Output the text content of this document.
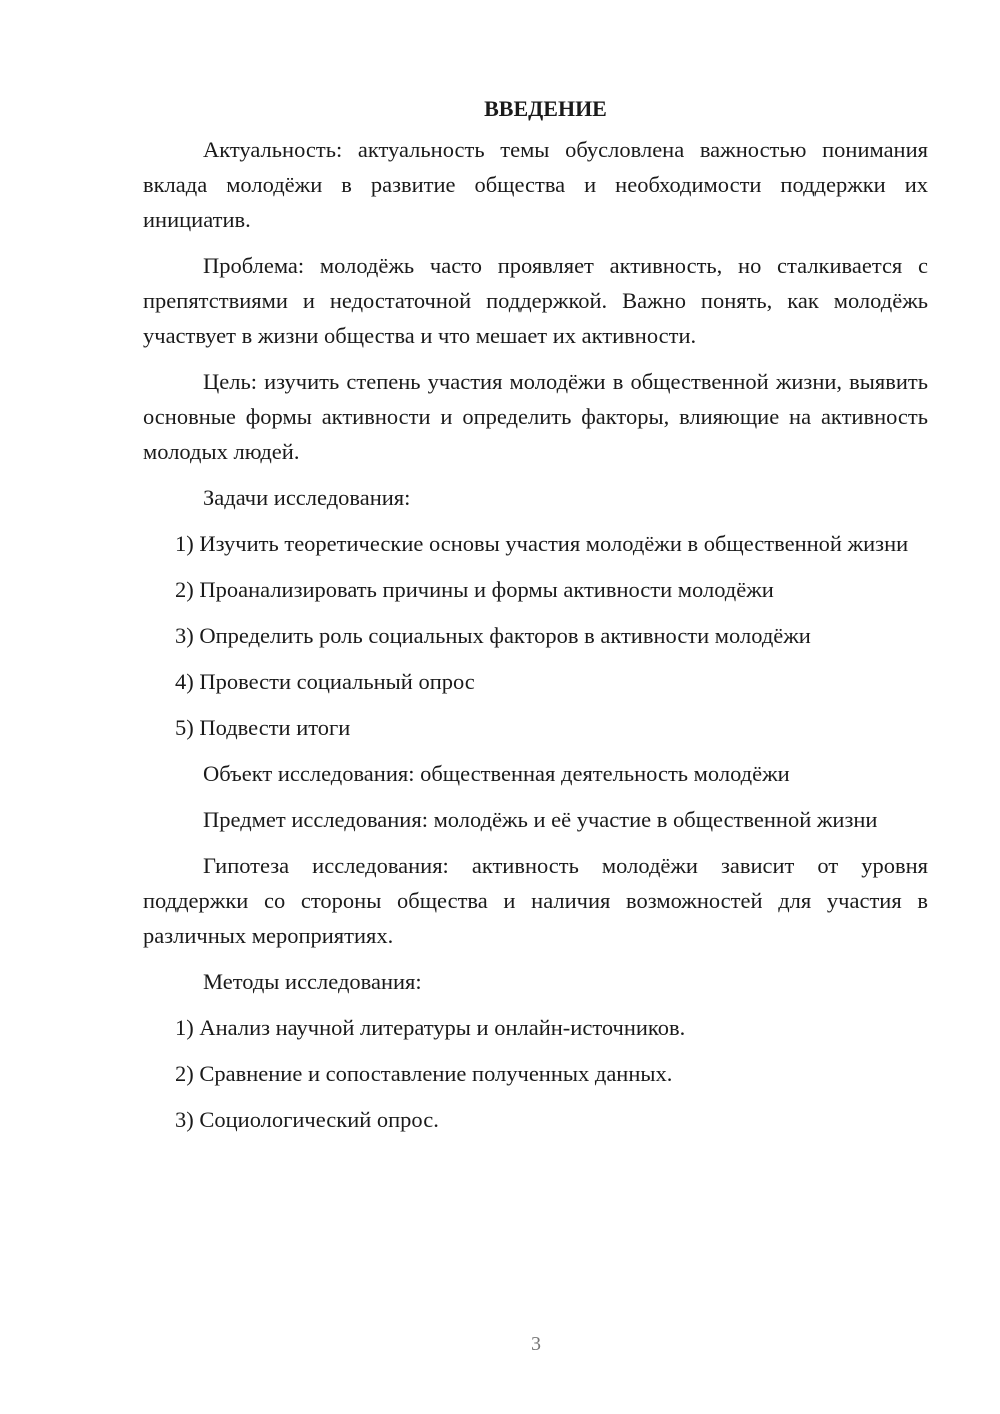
ВВЕДЕНИЕ

Актуальность: актуальность темы обусловлена важностью понимания вклада молодёжи в развитие общества и необходимости поддержки их инициатив.

Проблема: молодёжь часто проявляет активность, но сталкивается с препятствиями и недостаточной поддержкой. Важно понять, как молодёжь участвует в жизни общества и что мешает их активности.

Цель: изучить степень участия молодёжи в общественной жизни, выявить основные формы активности и определить факторы, влияющие на активность молодых людей.

Задачи исследования:

1) Изучить теоретические основы участия молодёжи в общественной жизни

2) Проанализировать причины и формы активности молодёжи

3) Определить роль социальных факторов в активности молодёжи

4) Провести социальный опрос

5) Подвести итоги

Объект исследования: общественная деятельность молодёжи

Предмет исследования: молодёжь и её участие в общественной жизни

Гипотеза исследования: активность молодёжи зависит от уровня поддержки со стороны общества и наличия возможностей для участия в различных мероприятиях.

Методы исследования:

1) Анализ научной литературы и онлайн-источников.

2) Сравнение и сопоставление полученных данных.

3) Социологический опрос.

3
